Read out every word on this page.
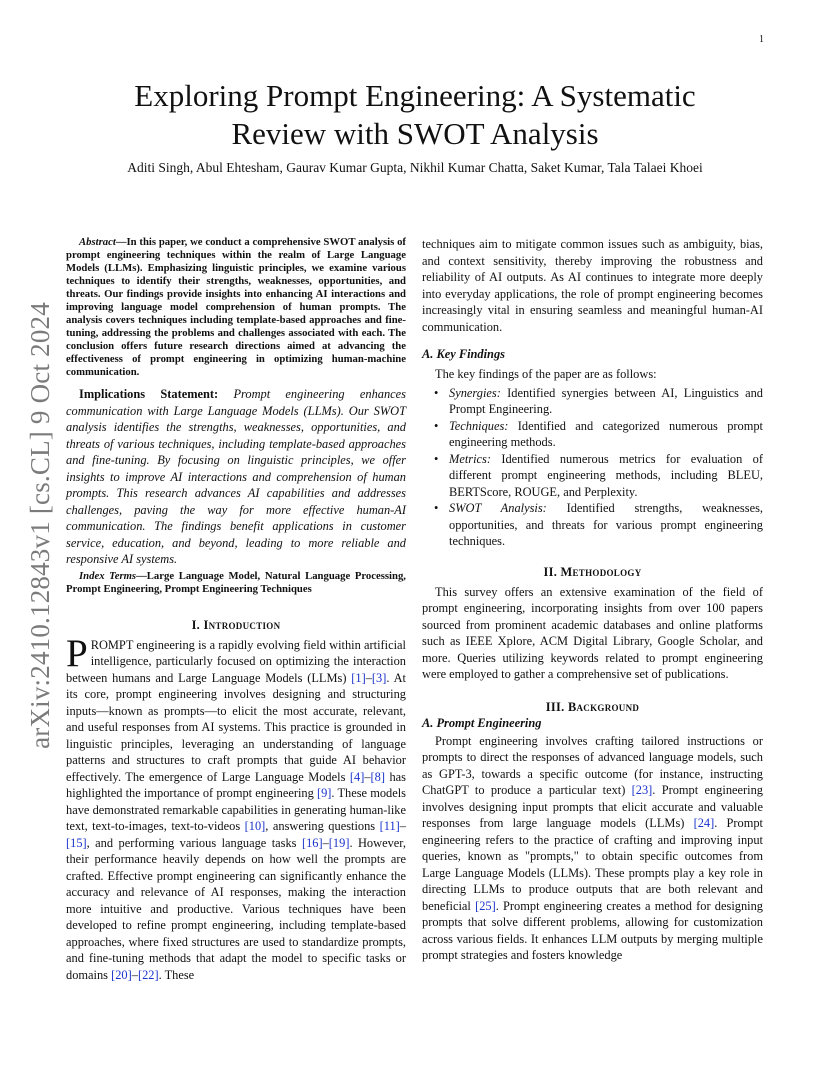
1
arXiv:2410.12843v1 [cs.CL] 9 Oct 2024
Exploring Prompt Engineering: A Systematic
Review with SWOT Analysis
Aditi Singh, Abul Ehtesham, Gaurav Kumar Gupta, Nikhil Kumar Chatta, Saket Kumar, Tala Talaei Khoei

Abstract—In this paper, we conduct a comprehensive SWOT analysis of prompt engineering techniques within the realm of Large Language Models (LLMs). Emphasizing linguistic principles, we examine various techniques to identify their strengths, weaknesses, opportunities, and threats. Our findings provide insights into enhancing AI interactions and improving language model comprehension of human prompts. The analysis covers techniques including template-based approaches and fine-tuning, addressing the problems and challenges associated with each. The conclusion offers future research directions aimed at advancing the effectiveness of prompt engineering in optimizing human-machine communication.

Implications Statement: Prompt engineering enhances communication with Large Language Models (LLMs). Our SWOT analysis identifies the strengths, weaknesses, opportunities, and threats of various techniques, including template-based approaches and fine-tuning. By focusing on linguistic principles, we offer insights to improve AI interactions and comprehension of human prompts. This research advances AI capabilities and addresses challenges, paving the way for more effective human-AI communication. The findings benefit applications in customer service, education, and beyond, leading to more reliable and responsive AI systems.

Index Terms—Large Language Model, Natural Language Processing, Prompt Engineering, Prompt Engineering Techniques

I. Introduction

PROMPT engineering is a rapidly evolving field within artificial intelligence, particularly focused on optimizing the interaction between humans and Large Language Models (LLMs) [1]–[3]. At its core, prompt engineering involves designing and structuring inputs—known as prompts—to elicit the most accurate, relevant, and useful responses from AI systems. This practice is grounded in linguistic principles, leveraging an understanding of language patterns and structures to craft prompts that guide AI behavior effectively. The emergence of Large Language Models [4]–[8] has highlighted the importance of prompt engineering [9]. These models have demonstrated remarkable capabilities in generating human-like text, text-to-images, text-to-videos [10], answering questions [11]–[15], and performing various language tasks [16]–[19]. However, their performance heavily depends on how well the prompts are crafted. Effective prompt engineering can significantly enhance the accuracy and relevance of AI responses, making the interaction more intuitive and productive. Various techniques have been developed to refine prompt engineering, including template-based approaches, where fixed structures are used to standardize prompts, and fine-tuning methods that adapt the model to specific tasks or domains [20]–[22]. These

techniques aim to mitigate common issues such as ambiguity, bias, and context sensitivity, thereby improving the robustness and reliability of AI outputs. As AI continues to integrate more deeply into everyday applications, the role of prompt engineering becomes increasingly vital in ensuring seamless and meaningful human-AI communication.

A. Key Findings

The key findings of the paper are as follows:

• Synergies: Identified synergies between AI, Linguistics and Prompt Engineering.
• Techniques: Identified and categorized numerous prompt engineering methods.
• Metrics: Identified numerous metrics for evaluation of different prompt engineering methods, including BLEU, BERTScore, ROUGE, and Perplexity.
• SWOT Analysis: Identified strengths, weaknesses, opportunities, and threats for various prompt engineering techniques.
II. Methodology

This survey offers an extensive examination of the field of prompt engineering, incorporating insights from over 100 papers sourced from prominent academic databases and online platforms such as IEEE Xplore, ACM Digital Library, Google Scholar, and more. Queries utilizing keywords related to prompt engineering were employed to gather a comprehensive set of publications.

III. Background
A. Prompt Engineering

Prompt engineering involves crafting tailored instructions or prompts to direct the responses of advanced language models, such as GPT-3, towards a specific outcome (for instance, instructing ChatGPT to produce a particular text) [23]. Prompt engineering involves designing input prompts that elicit accurate and valuable responses from large language models (LLMs) [24]. Prompt engineering refers to the practice of crafting and improving input queries, known as "prompts," to obtain specific outcomes from Large Language Models (LLMs). These prompts play a key role in directing LLMs to produce outputs that are both relevant and beneficial [25]. Prompt engineering creates a method for designing prompts that solve different problems, allowing for customization across various fields. It enhances LLM outputs by merging multiple prompt strategies and fosters knowledge
